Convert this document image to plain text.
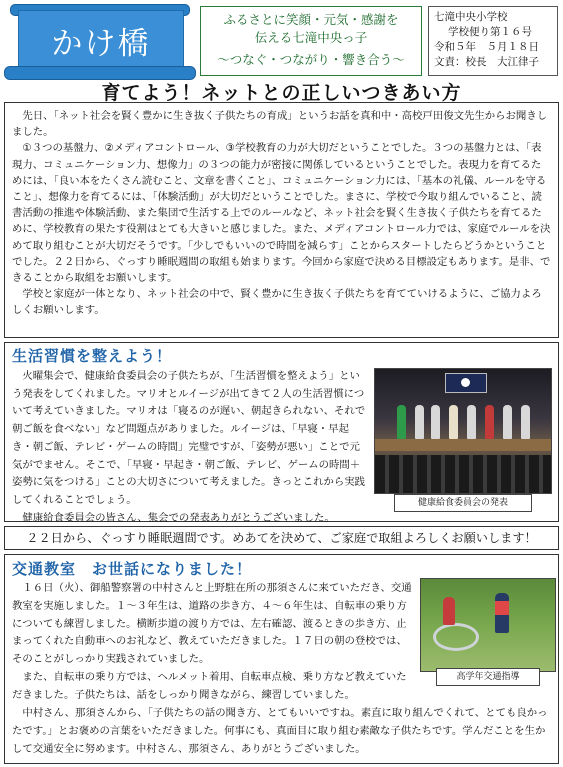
かけ橋
ふるさとに笑顔・元気・感謝を
伝える七滝中央っ子
〜つなぐ・つながり・響き合う〜
七滝中央小学校
学校便り第１６号
令和５年　５月１８日
文責：校長　大江律子
育てよう！ネットとの正しいつきあい方

先日、「ネット社会を賢く豊かに生き抜く子供たちの育成」というお話を真和中・高校戸田俊文先生からお聞きしました。

①３つの基盤力、②メディアコントロール、③学校教育の力が大切だということでした。３つの基盤力とは、「表現力、コミュニケーション力、想像力」の３つの能力が密接に関係しているということでした。表現力を育てるためには、「良い本をたくさん読むこと、文章を書くこと」、コミュニケーション力には、「基本の礼儀、ルールを守ること」、想像力を育てるには、「体験活動」が大切だということでした。まさに、学校で今取り組んでいること、読書活動の推進や体験活動、また集団で生活する上でのルールなど、ネット社会を賢く生き抜く子供たちを育てるために、学校教育の果たす役割はとても大きいと感じました。また、メディアコントロール力では、家庭でルールを決めて取り組むことが大切だそうです。「少しでもいいので時間を減らす」ことからスタートしたらどうかということでした。２２日から、ぐっすり睡眠週間の取組も始まります。今回から家庭で決める目標設定もあります。是非、できることから取組をお願いします。

学校と家庭が一体となり、ネット社会の中で、賢く豊かに生き抜く子供たちを育てていけるように、ご協力よろしくお願いします。

生活習慣を整えよう！

火曜集会で、健康給食委員会の子供たちが、「生活習慣を整えよう」という発表をしてくれました。マリオとルイージが出てきて２人の生活習慣について考えていきました。マリオは「寝るのが遅い、朝起きられない、それで朝ご飯を食べない」など問題点がありました。ルイージは、「早寝・早起き・朝ご飯、テレビ・ゲームの時間」完璧ですが、「姿勢が悪い」ことで元気がでません。そこで、「早寝・早起き・朝ご飯、テレビ、ゲームの時間＋姿勢に気をつける」ことの大切さについて考えました。きっとこれから実践してくれることでしょう。

健康給食委員会の皆さん、集会での発表ありがとうございました。

健康給食委員会の発表
２２日から、ぐっすり睡眠週間です。めあてを決めて、ご家庭で取組よろしくお願いします！
交通教室　お世話になりました！

１６日（火）、御船警察署の中村さんと上野駐在所の那須さんに来ていただき、交通教室を実施しました。１〜３年生は、道路の歩き方、４〜６年生は、自転車の乗り方についても練習しました。横断歩道の渡り方では、左右確認、渡るときの歩き方、止まってくれた自動車へのお礼など、教えていただきました。１７日の朝の登校では、そのことがしっかり実践されていました。

また、自転車の乗り方では、ヘルメット着用、自転車点検、乗り方など教えていただきました。子供たちは、話をしっかり聞きながら、練習していました。

中村さん、那須さんから、「子供たちの話の聞き方、とてもいいですね。素直に取り組んでくれて、とても良かったです。」とお褒めの言葉をいただきました。何事にも、真面目に取り組む素敵な子供たちです。学んだことを生かして交通安全に努めます。中村さん、那須さん、ありがとうございました。

高学年交通指導
